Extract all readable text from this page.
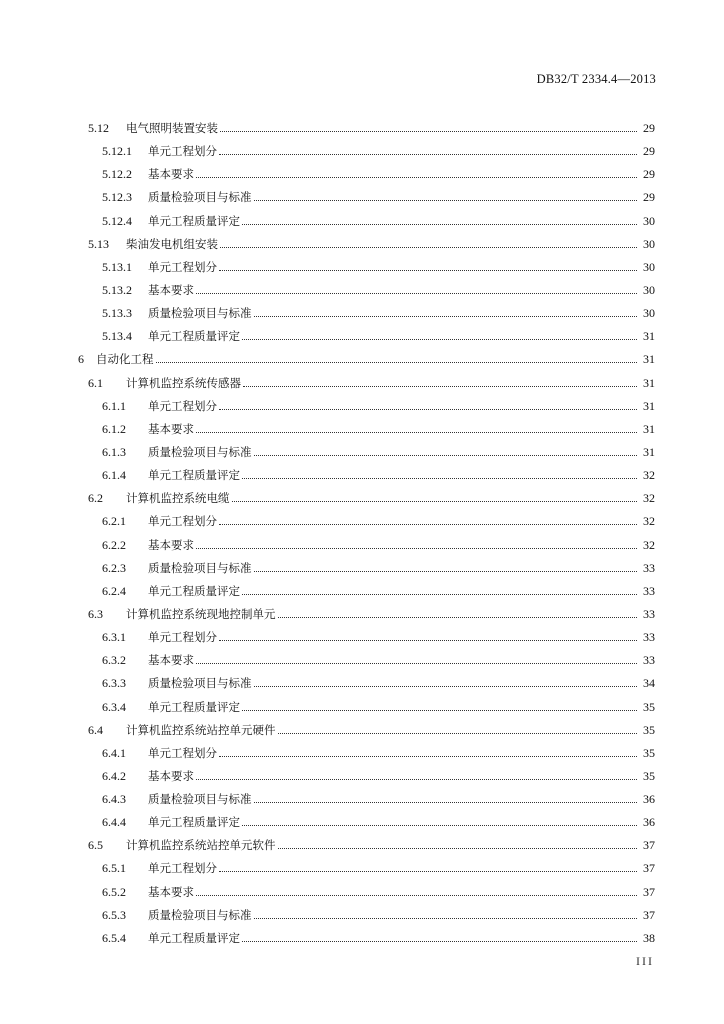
DB32/T 2334.4—2013
5.12	电气照明装置安装	29
5.12.1	单元工程划分	29
5.12.2	基本要求	29
5.12.3	质量检验项目与标准	29
5.12.4	单元工程质量评定	30
5.13	柴油发电机组安装	30
5.13.1	单元工程划分	30
5.13.2	基本要求	30
5.13.3	质量检验项目与标准	30
5.13.4	单元工程质量评定	31
6	自动化工程	31
6.1	计算机监控系统传感器	31
6.1.1	单元工程划分	31
6.1.2	基本要求	31
6.1.3	质量检验项目与标准	31
6.1.4	单元工程质量评定	32
6.2	计算机监控系统电缆	32
6.2.1	单元工程划分	32
6.2.2	基本要求	32
6.2.3	质量检验项目与标准	33
6.2.4	单元工程质量评定	33
6.3	计算机监控系统现地控制单元	33
6.3.1	单元工程划分	33
6.3.2	基本要求	33
6.3.3	质量检验项目与标准	34
6.3.4	单元工程质量评定	35
6.4	计算机监控系统站控单元硬件	35
6.4.1	单元工程划分	35
6.4.2	基本要求	35
6.4.3	质量检验项目与标准	36
6.4.4	单元工程质量评定	36
6.5	计算机监控系统站控单元软件	37
6.5.1	单元工程划分	37
6.5.2	基本要求	37
6.5.3	质量检验项目与标准	37
6.5.4	单元工程质量评定	38
III
